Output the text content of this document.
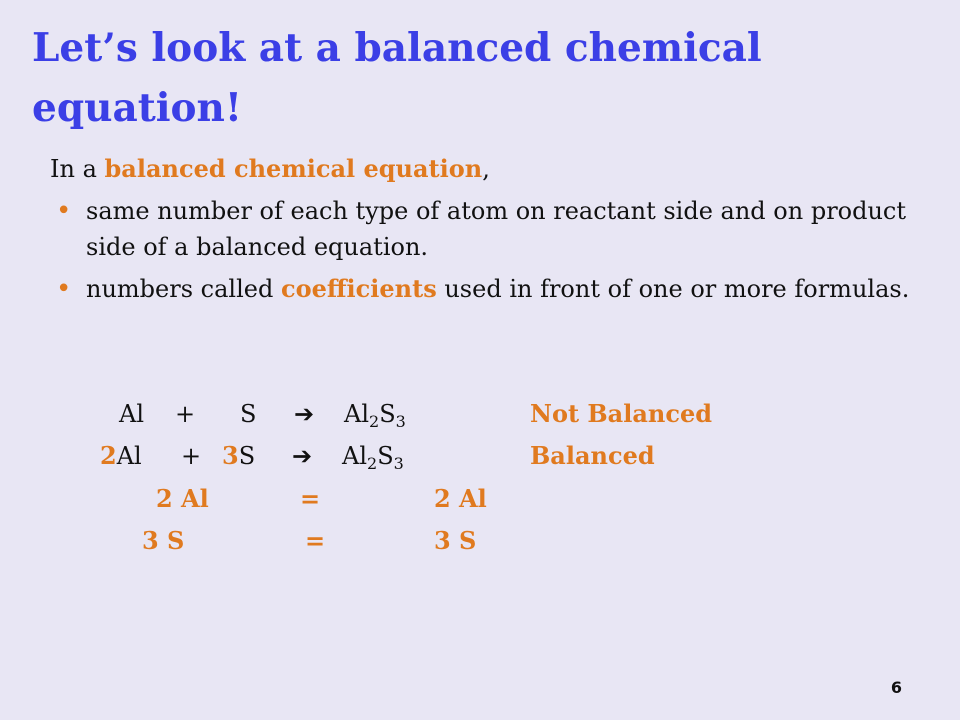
Let’s look at a balanced chemical equation!
In a balanced chemical equation,
• same number of each type of atom on reactant side and on product side of a balanced equation.
• numbers called coefficients used in front of one or more formulas.
Al + S ➔ $Al_2S_3$	Not Balanced
2Al + 3S ➔ $Al_2S_3$	Balanced
2 Al	=	2 Al
3 S	=	3 S
6
